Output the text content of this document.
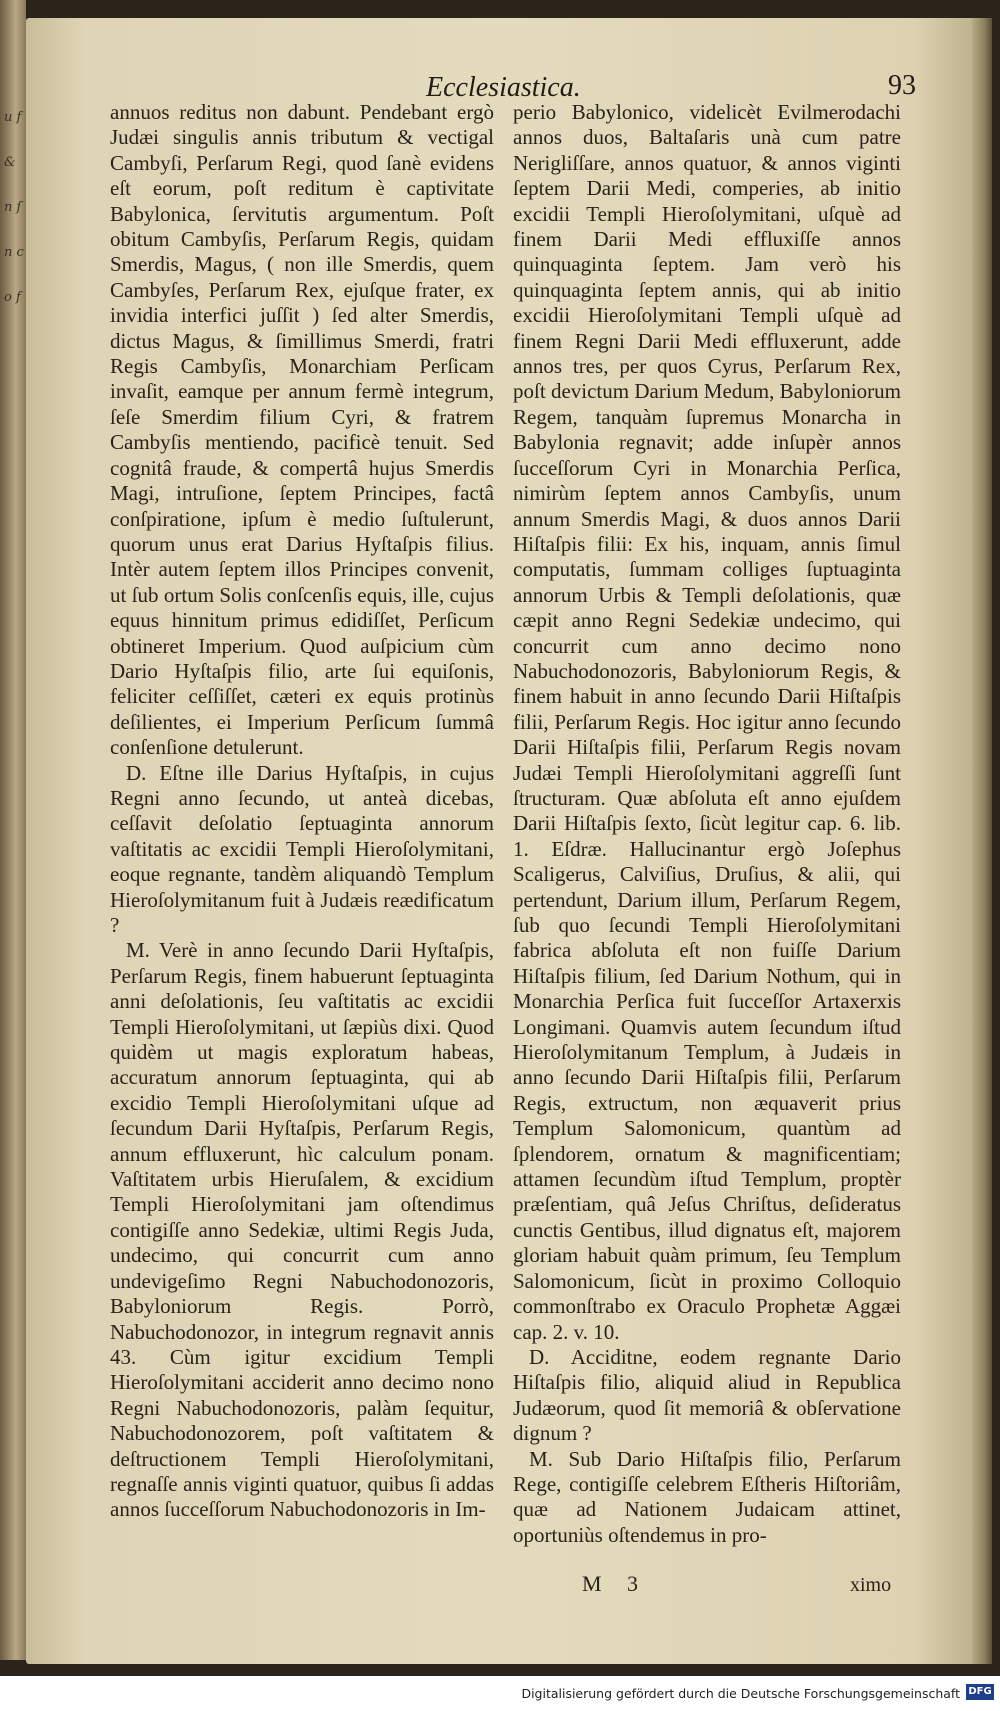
u f & n ſ n c o f
Ecclesiastica.	93

annuos reditus non dabunt. Pendebant ergò Judæi singulis annis tributum & vectigal Cambyſi, Perſarum Regi, quod ſanè evidens eſt eorum, poſt reditum è captivitate Babylonica, ſervitutis argumentum. Poſt obitum Cambyſis, Perſarum Regis, quidam Smerdis, Magus, ( non ille Smerdis, quem Cambyſes, Perſarum Rex, ejuſque frater, ex invidia interfici juſſit ) ſed alter Smerdis, dictus Magus, & ſimillimus Smerdi, fratri Regis Cambyſis, Monarchiam Perſicam invaſit, eamque per annum fermè integrum, ſeſe Smerdim filium Cyri, & fratrem Cambyſis mentiendo, pacificè tenuit. Sed cognitâ fraude, & compertâ hujus Smerdis Magi, intruſione, ſeptem Principes, factâ conſpiratione, ipſum è medio ſuſtulerunt, quorum unus erat Darius Hyſtaſpis filius. Intèr autem ſeptem illos Principes convenit, ut ſub ortum Solis conſcenſis equis, ille, cujus equus hinnitum primus edidiſſet, Perſicum obtineret Imperium. Quod auſpicium cùm Dario Hyſtaſpis filio, arte ſui equiſonis, feliciter ceſſiſſet, cæteri ex equis protinùs deſilientes, ei Imperium Perſicum ſummâ conſenſione detulerunt.

D. Eſtne ille Darius Hyſtaſpis, in cujus Regni anno ſecundo, ut anteà dicebas, ceſſavit deſolatio ſeptuaginta annorum vaſtitatis ac excidii Templi Hieroſolymitani, eoque regnante, tandèm aliquandò Templum Hieroſolymitanum fuit à Judæis reædificatum ?

M. Verè in anno ſecundo Darii Hyſtaſpis, Perſarum Regis, finem habuerunt ſeptuaginta anni deſolationis, ſeu vaſtitatis ac excidii Templi Hieroſolymitani, ut ſæpiùs dixi. Quod quidèm ut magis exploratum habeas, accuratum annorum ſeptuaginta, qui ab excidio Templi Hieroſolymitani uſque ad ſecundum Darii Hyſtaſpis, Perſarum Regis, annum effluxerunt, hìc calculum ponam. Vaſtitatem urbis Hieruſalem, & excidium Templi Hieroſolymitani jam oſtendimus contigiſſe anno Sedekiæ, ultimi Regis Juda, undecimo, qui concurrit cum anno undevigeſimo Regni Nabuchodonozoris, Babyloniorum Regis. Porrò, Nabuchodonozor, in integrum regnavit annis 43. Cùm igitur excidium Templi Hieroſolymitani acciderit anno decimo nono Regni Nabuchodonozoris, palàm ſequitur, Nabuchodonozorem, poſt vaſtitatem & deſtructionem Templi Hieroſolymitani, regnaſſe annis viginti quatuor, quibus ſi addas annos ſucceſſorum Nabuchodonozoris in Im-

perio Babylonico, videlicèt Evilmerodachi annos duos, Baltaſaris unà cum patre Nerigliſſare, annos quatuor, & annos viginti ſeptem Darii Medi, comperies, ab initio excidii Templi Hieroſolymitani, uſquè ad finem Darii Medi effluxiſſe annos quinquaginta ſeptem. Jam verò his quinquaginta ſeptem annis, qui ab initio excidii Hieroſolymitani Templi uſquè ad finem Regni Darii Medi effluxerunt, adde annos tres, per quos Cyrus, Perſarum Rex, poſt devictum Darium Medum, Babyloniorum Regem, tanquàm ſupremus Monarcha in Babylonia regnavit; adde inſupèr annos ſucceſſorum Cyri in Monarchia Perſica, nimirùm ſeptem annos Cambyſis, unum annum Smerdis Magi, & duos annos Darii Hiſtaſpis filii: Ex his, inquam, annis ſimul computatis, ſummam colliges ſuptuaginta annorum Urbis & Templi deſolationis, quæ cæpit anno Regni Sedekiæ undecimo, qui concurrit cum anno decimo nono Nabuchodonozoris, Babyloniorum Regis, & finem habuit in anno ſecundo Darii Hiſtaſpis filii, Perſarum Regis. Hoc igitur anno ſecundo Darii Hiſtaſpis filii, Perſarum Regis novam Judæi Templi Hieroſolymitani aggreſſi ſunt ſtructuram. Quæ abſoluta eſt anno ejuſdem Darii Hiſtaſpis ſexto, ſicùt legitur cap. 6. lib. 1. Eſdræ. Hallucinantur ergò Joſephus Scaligerus, Calviſius, Druſius, & alii, qui pertendunt, Darium illum, Perſarum Regem, ſub quo ſecundi Templi Hieroſolymitani fabrica abſoluta eſt non fuiſſe Darium Hiſtaſpis filium, ſed Darium Nothum, qui in Monarchia Perſica fuit ſucceſſor Artaxerxis Longimani. Quamvis autem ſecundum iſtud Hieroſolymitanum Templum, à Judæis in anno ſecundo Darii Hiſtaſpis filii, Perſarum Regis, extructum, non æquaverit prius Templum Salomonicum, quantùm ad ſplendorem, ornatum & magnificentiam; attamen ſecundùm iſtud Templum, proptèr præſentiam, quâ Jeſus Chriſtus, deſideratus cunctis Gentibus, illud dignatus eſt, majorem gloriam habuit quàm primum, ſeu Templum Salomonicum, ſicùt in proximo Colloquio commonſtrabo ex Oraculo Prophetæ Aggæi cap. 2. v. 10.

D. Acciditne, eodem regnante Dario Hiſtaſpis filio, aliquid aliud in Republica Judæorum, quod ſit memoriâ & obſervatione dignum ?

M. Sub Dario Hiſtaſpis filio, Perſarum Rege, contigiſſe celebrem Eſtheris Hiſtoriâm, quæ ad Nationem Judaicam attinet, oportuniùs oſtendemus in pro-

M 3	ximo
Digitalisierung gefördert durch die Deutsche Forschungsgemeinschaft DFG
